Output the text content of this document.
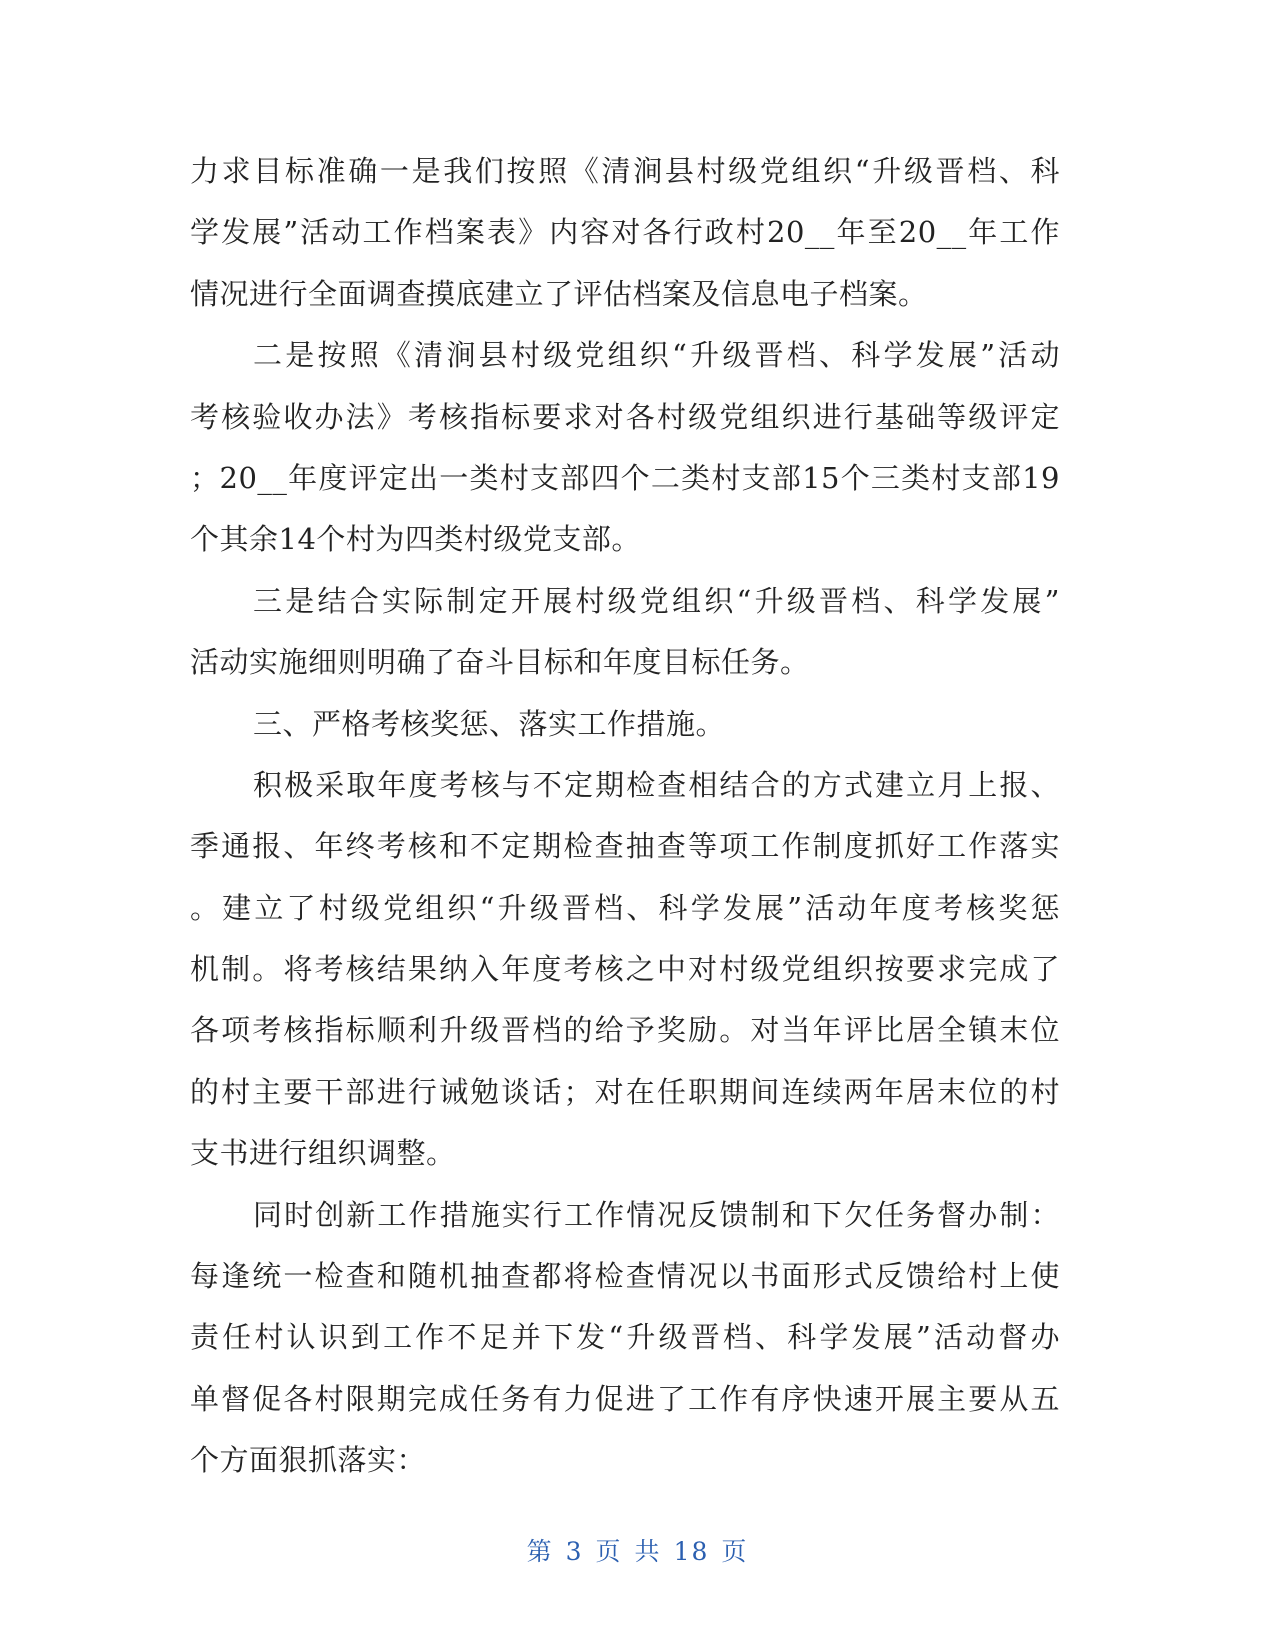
力求目标准确一是我们按照《清涧县村级党组织“升级晋档、科
学发展”活动工作档案表》内容对各行政村20__年至20__年工作
情况进行全面调查摸底建立了评估档案及信息电子档案。
二是按照《清涧县村级党组织“升级晋档、科学发展”活动
考核验收办法》考核指标要求对各村级党组织进行基础等级评定
；20__年度评定出一类村支部四个二类村支部15个三类村支部19
个其余14个村为四类村级党支部。
三是结合实际制定开展村级党组织“升级晋档、科学发展”
活动实施细则明确了奋斗目标和年度目标任务。
三、严格考核奖惩、落实工作措施。
积极采取年度考核与不定期检查相结合的方式建立月上报、
季通报、年终考核和不定期检查抽查等项工作制度抓好工作落实
。建立了村级党组织“升级晋档、科学发展”活动年度考核奖惩
机制。将考核结果纳入年度考核之中对村级党组织按要求完成了
各项考核指标顺利升级晋档的给予奖励。对当年评比居全镇末位
的村主要干部进行诫勉谈话；对在任职期间连续两年居末位的村
支书进行组织调整。
同时创新工作措施实行工作情况反馈制和下欠任务督办制：
每逢统一检查和随机抽查都将检查情况以书面形式反馈给村上使
责任村认识到工作不足并下发“升级晋档、科学发展”活动督办
单督促各村限期完成任务有力促进了工作有序快速开展主要从五
个方面狠抓落实：
第 3 页 共 18 页
